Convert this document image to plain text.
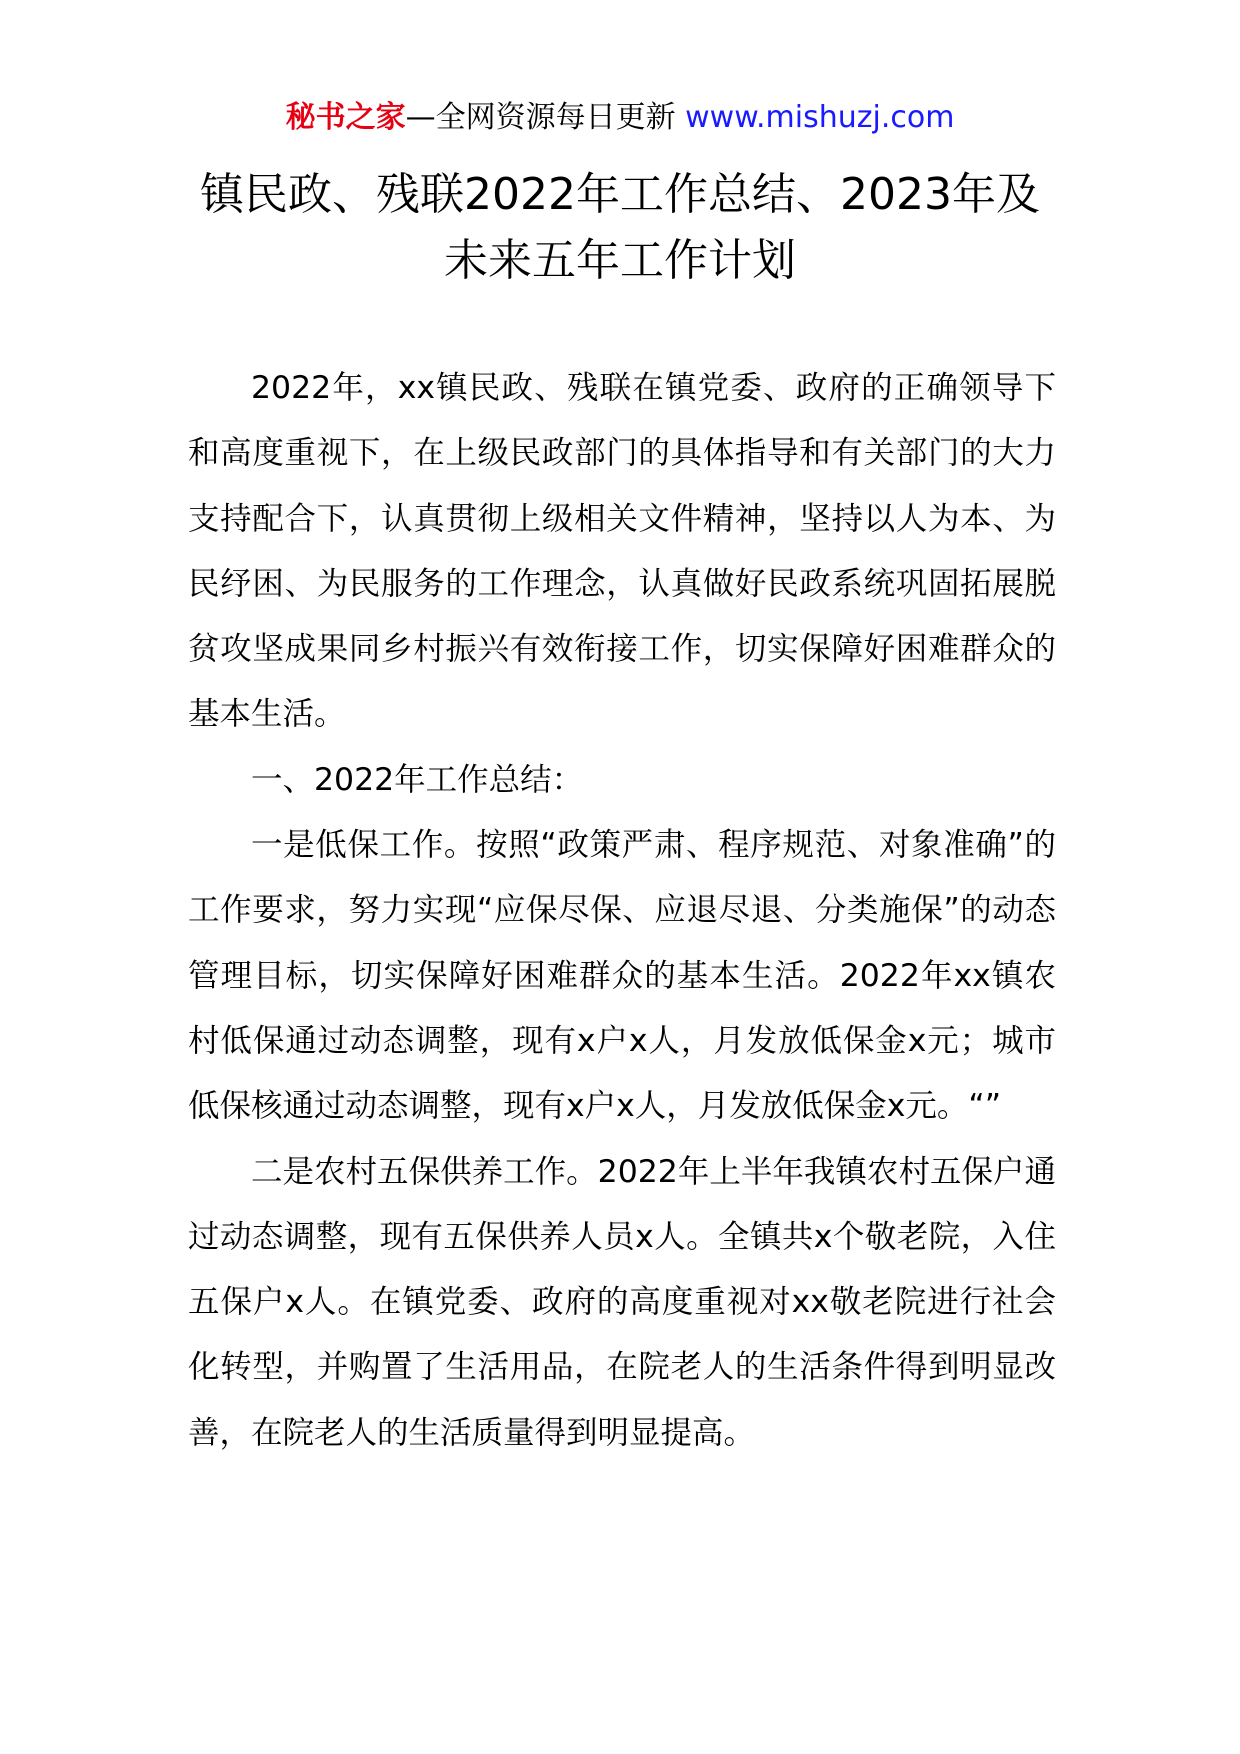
秘书之家—全网资源每日更新 www.mishuzj.com
镇民政、残联2022年工作总结、2023年及
未来五年工作计划

2022年，xx镇民政、残联在镇党委、政府的正确领导下和高度重视下，在上级民政部门的具体指导和有关部门的大力支持配合下，认真贯彻上级相关文件精神，坚持以人为本、为民纾困、为民服务的工作理念，认真做好民政系统巩固拓展脱贫攻坚成果同乡村振兴有效衔接工作，切实保障好困难群众的基本生活。

一、2022年工作总结：

一是低保工作。按照“政策严肃、程序规范、对象准确”的工作要求，努力实现“应保尽保、应退尽退、分类施保”的动态管理目标，切实保障好困难群众的基本生活。2022年xx镇农村低保通过动态调整，现有x户x人，月发放低保金x元；城市低保核通过动态调整，现有x户x人，月发放低保金x元。“”

二是农村五保供养工作。2022年上半年我镇农村五保户通过动态调整，现有五保供养人员x人。全镇共x个敬老院，入住五保户x人。在镇党委、政府的高度重视对xx敬老院进行社会化转型，并购置了生活用品，在院老人的生活条件得到明显改善，在院老人的生活质量得到明显提高。
